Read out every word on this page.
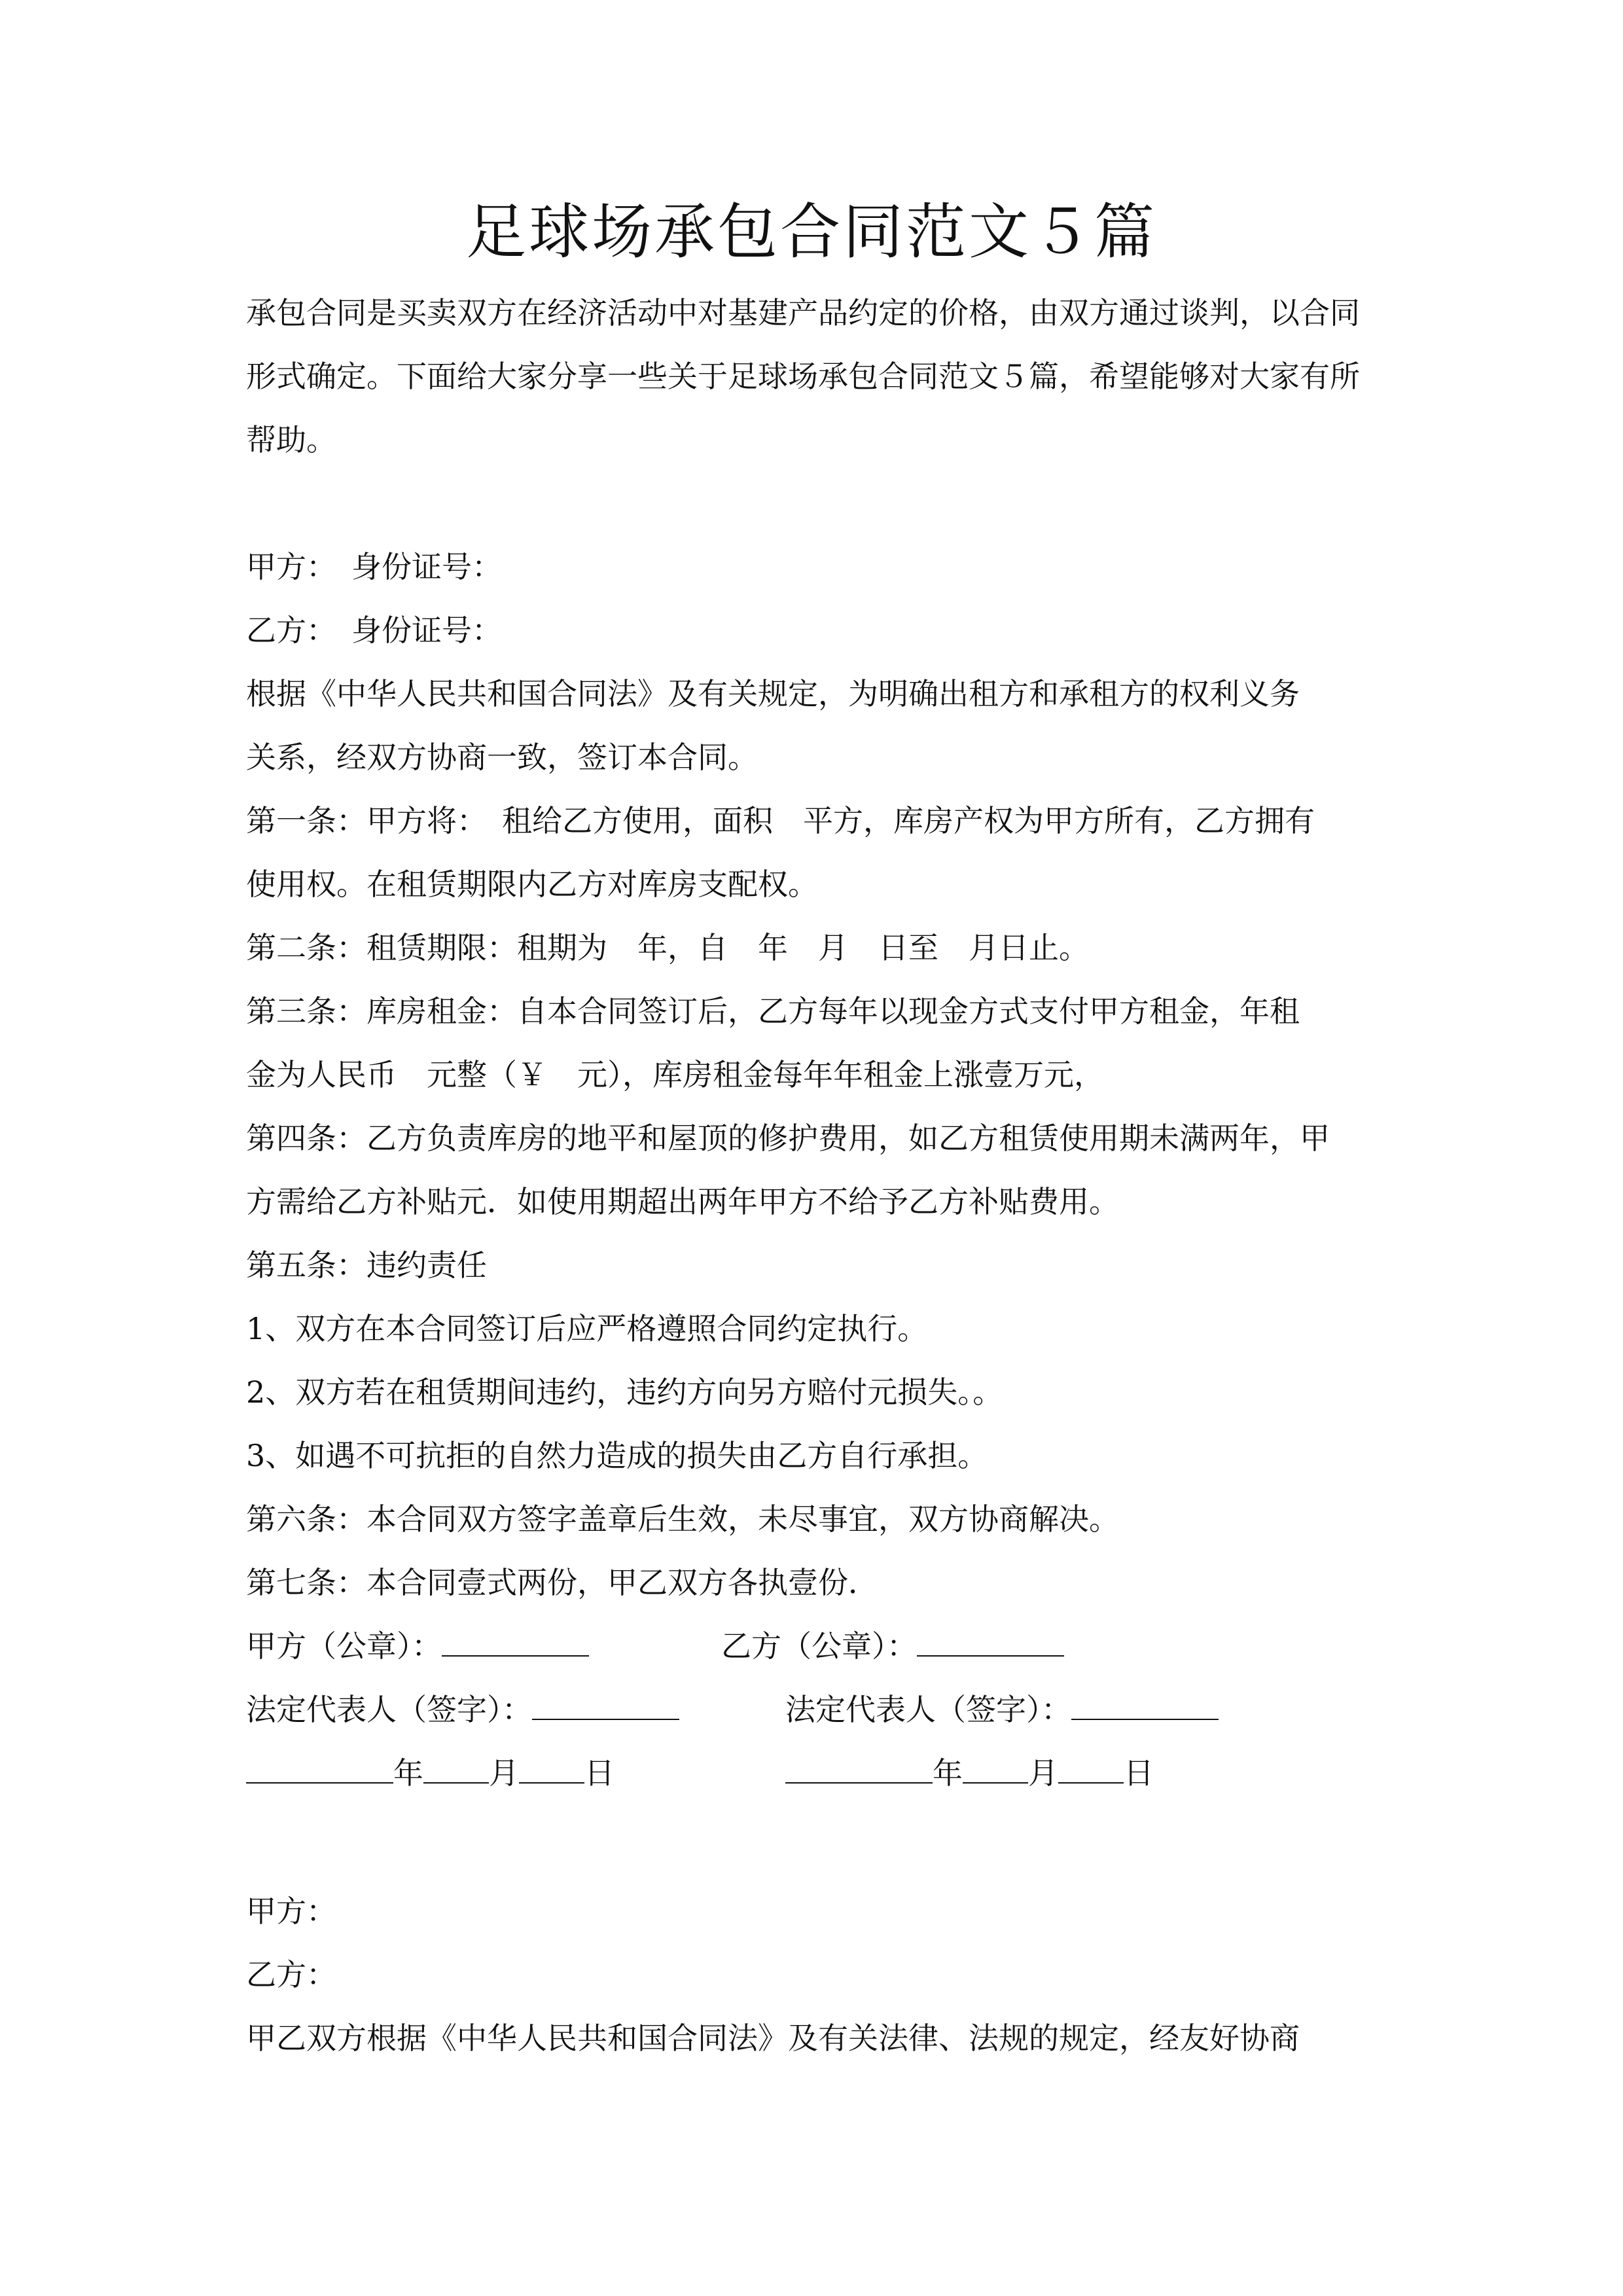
足球场承包合同范文５篇
承包合同是买卖双方在经济活动中对基建产品约定的价格，由双方通过谈判，以合同形式确定。下面给大家分享一些关于足球场承包合同范文５篇，希望能够对大家有所帮助。
甲方：　身份证号：
乙方：　身份证号：
根据《中华人民共和国合同法》及有关规定，为明确出租方和承租方的权利义务
关系，经双方协商一致，签订本合同。
第一条：甲方将：　租给乙方使用，面积　平方，库房产权为甲方所有，乙方拥有
使用权。在租赁期限内乙方对库房支配权。
第二条：租赁期限：租期为　年，自　年　月　日至　月日止。
第三条：库房租金：自本合同签订后，乙方每年以现金方式支付甲方租金，年租
金为人民币　元整（￥　元），库房租金每年年租金上涨壹万元，
第四条：乙方负责库房的地平和屋顶的修护费用，如乙方租赁使用期未满两年，甲
方需给乙方补贴元．如使用期超出两年甲方不给予乙方补贴费用。
第五条：违约责任
1、双方在本合同签订后应严格遵照合同约定执行。
2、双方若在租赁期间违约，违约方向另方赔付元损失。。
3、如遇不可抗拒的自然力造成的损失由乙方自行承担。
第六条：本合同双方签字盖章后生效，未尽事宜，双方协商解决。
第七条：本合同壹式两份，甲乙双方各执壹份．
甲方（公章）：	乙方（公章）：
法定代表人（签字）：	法定代表人（签字）：
年 月 日	年 月 日
甲方：
乙方：
甲乙双方根据《中华人民共和国合同法》及有关法律、法规的规定，经友好协商
